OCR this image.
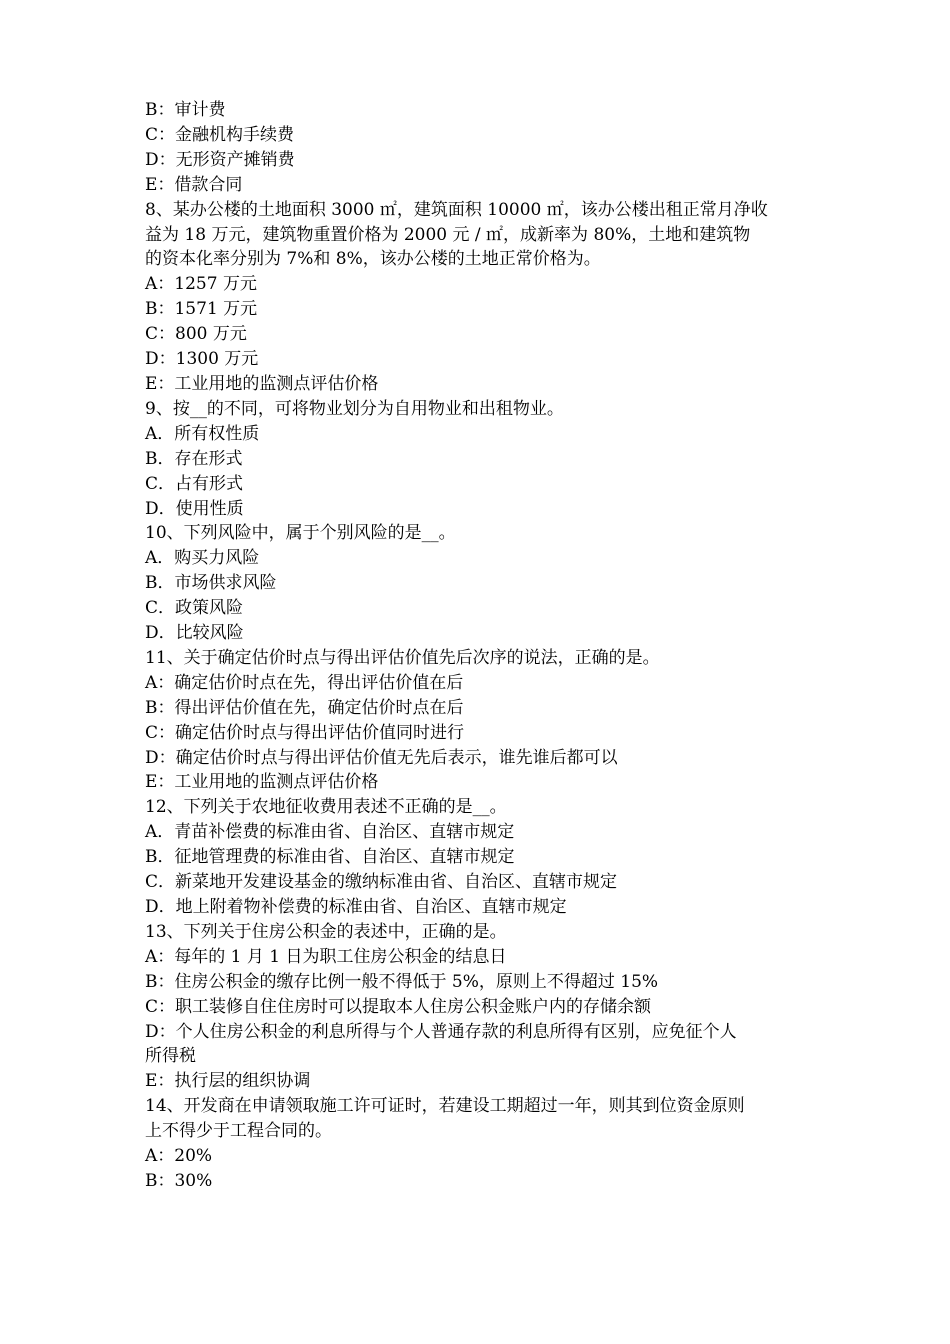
B：审计费
C：金融机构手续费
D：无形资产摊销费
E：借款合同
8、某办公楼的土地面积 3000 ㎡，建筑面积 10000 ㎡，该办公楼出租正常月净收
益为 18 万元，建筑物重置价格为 2000 元 / ㎡，成新率为 80%，土地和建筑物
的资本化率分别为 7%和 8%，该办公楼的土地正常价格为。
A：1257 万元
B：1571 万元
C：800 万元
D：1300 万元
E：工业用地的监测点评估价格
9、按__的不同，可将物业划分为自用物业和出租物业。
A．所有权性质
B．存在形式
C．占有形式
D．使用性质
10、下列风险中，属于个别风险的是__。
A．购买力风险
B．市场供求风险
C．政策风险
D．比较风险
11、关于确定估价时点与得出评估价值先后次序的说法，正确的是。
A：确定估价时点在先，得出评估价值在后
B：得出评估价值在先，确定估价时点在后
C：确定估价时点与得出评估价值同时进行
D：确定估价时点与得出评估价值无先后表示，谁先谁后都可以
E：工业用地的监测点评估价格
12、下列关于农地征收费用表述不正确的是__。
A．青苗补偿费的标准由省、自治区、直辖市规定
B．征地管理费的标准由省、自治区、直辖市规定
C．新菜地开发建设基金的缴纳标准由省、自治区、直辖市规定
D．地上附着物补偿费的标准由省、自治区、直辖市规定
13、下列关于住房公积金的表述中，正确的是。
A：每年的 1 月 1 日为职工住房公积金的结息日
B：住房公积金的缴存比例一般不得低于 5%，原则上不得超过 15%
C：职工装修自住住房时可以提取本人住房公积金账户内的存储余额
D：个人住房公积金的利息所得与个人普通存款的利息所得有区别，应免征个人
所得税
E：执行层的组织协调
14、开发商在申请领取施工许可证时，若建设工期超过一年，则其到位资金原则
上不得少于工程合同的。
A：20%
B：30%
